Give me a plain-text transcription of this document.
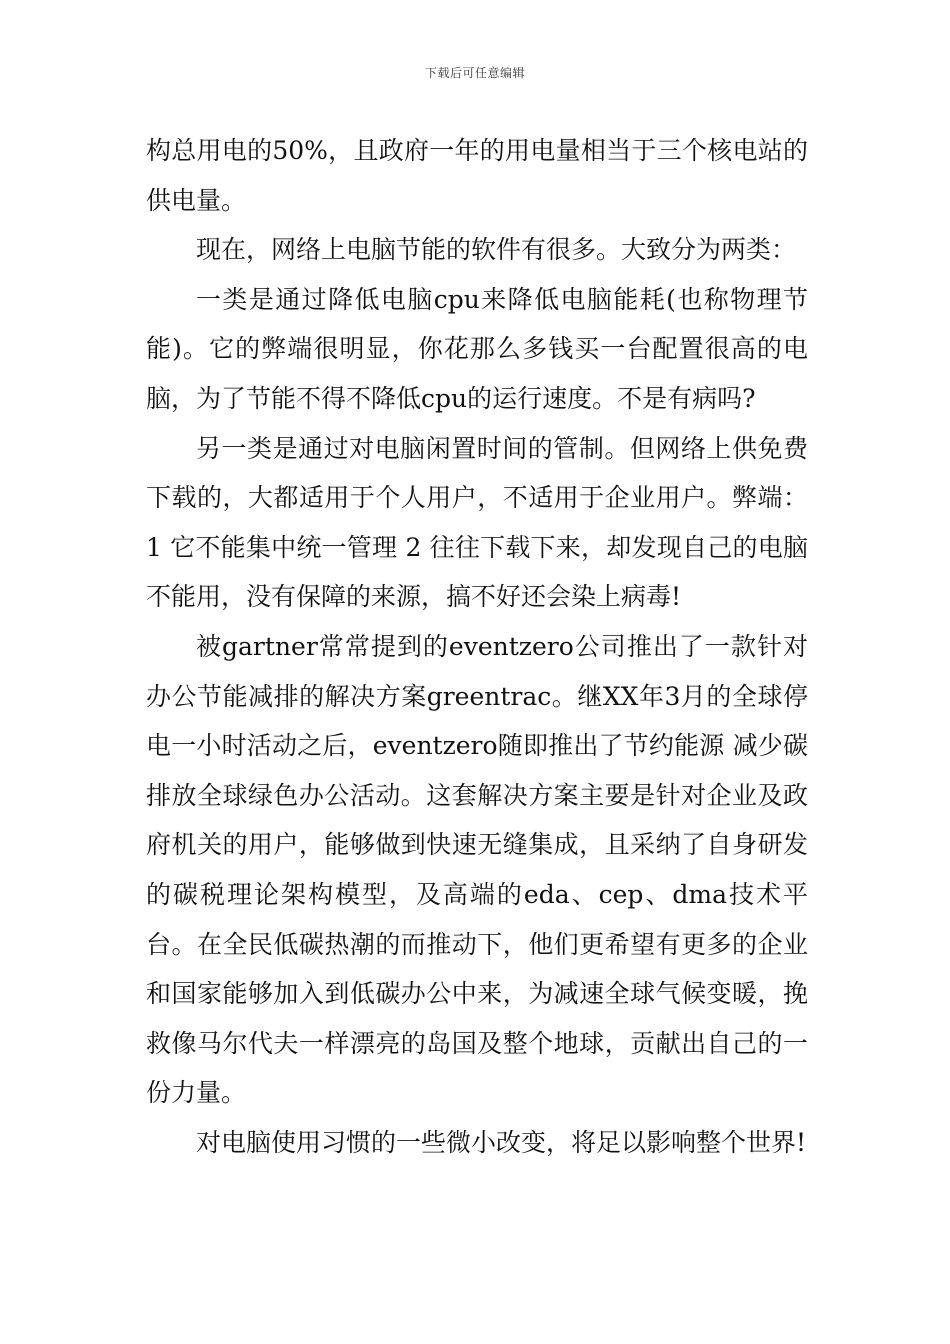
下载后可任意编辑

构总用电的50%，且政府一年的用电量相当于三个核电站的供电量。

现在，网络上电脑节能的软件有很多。大致分为两类：

一类是通过降低电脑cpu来降低电脑能耗(也称物理节能)。它的弊端很明显，你花那么多钱买一台配置很高的电脑，为了节能不得不降低cpu的运行速度。不是有病吗?

另一类是通过对电脑闲置时间的管制。但网络上供免费下载的，大都适用于个人用户，不适用于企业用户。弊端：1 它不能集中统一管理 2 往往下载下来，却发现自己的电脑不能用，没有保障的来源，搞不好还会染上病毒!

被gartner常常提到的eventzero公司推出了一款针对办公节能减排的解决方案greentrac。继XX年3月的全球停电一小时活动之后，eventzero随即推出了节约能源 减少碳排放全球绿色办公活动。这套解决方案主要是针对企业及政府机关的用户，能够做到快速无缝集成，且采纳了自身研发的碳税理论架构模型，及高端的eda、cep、dma技术平台。在全民低碳热潮的而推动下，他们更希望有更多的企业和国家能够加入到低碳办公中来，为减速全球气候变暖，挽救像马尔代夫一样漂亮的岛国及整个地球，贡献出自己的一份力量。

对电脑使用习惯的一些微小改变，将足以影响整个世界!
